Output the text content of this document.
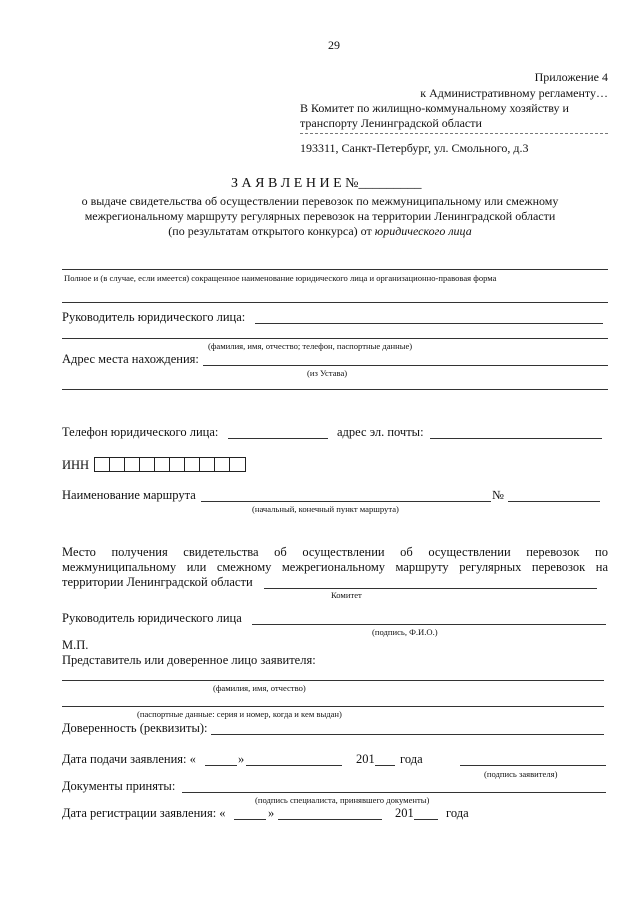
29
Приложение 4
к Административному регламенту…
В Комитет по жилищно-коммунальному хозяйству и
транспорту Ленинградской области
193311, Санкт-Петербург, ул. Смольного, д.3
З А Я В Л Е Н И Е №_________
о выдаче свидетельства об осуществлении перевозок по межмуниципальному или смежному
межрегиональному маршруту регулярных перевозок на территории Ленинградской области
(по результатам открытого конкурса) от юридического лица
Полное и (в случае, если имеется) сокращенное наименование юридического лица и организационно-правовая форма
Руководитель юридического лица:
(фамилия, имя, отчество; телефон, паспортные данные)
Адрес места нахождения:
(из Устава)
Телефон юридического лица:	адрес эл. почты:
ИНН
Наименование маршрута	№
(начальный, конечный пункт маршрута)
Место получения свидетельства об осуществлении об осуществлении перевозок по
межмуниципальному или смежному межрегиональному маршруту регулярных перевозок на
территории Ленинградской области
Комитет
Руководитель юридического лица
(подпись, Ф.И.О.)
М.П.
Представитель или доверенное лицо заявителя:
(фамилия, имя, отчество)
(паспортные данные: серия и номер, когда и кем выдан)
Доверенность (реквизиты):
Дата подачи заявления: «	»	201 года
(подпись заявителя)
Документы приняты:
(подпись специалиста, принявшего документы)
Дата регистрации заявления: «	»	201	года
